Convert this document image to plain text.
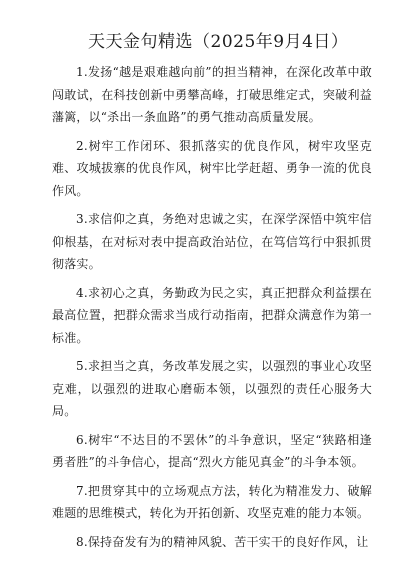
天天金句精选（2025年9月4日）

1.发扬“越是艰难越向前”的担当精神，在深化改革中敢闯敢试，在科技创新中勇攀高峰，打破思维定式，突破利益藩篱，以“杀出一条血路”的勇气推动高质量发展。

2.树牢工作闭环、狠抓落实的优良作风，树牢攻坚克难、攻城拔寨的优良作风，树牢比学赶超、勇争一流的优良作风。

3.求信仰之真，务绝对忠诚之实，在深学深悟中筑牢信仰根基，在对标对表中提高政治站位，在笃信笃行中狠抓贯彻落实。

4.求初心之真，务勤政为民之实，真正把群众利益摆在最高位置，把群众需求当成行动指南，把群众满意作为第一标准。

5.求担当之真，务改革发展之实，以强烈的事业心攻坚克难，以强烈的进取心磨砺本领，以强烈的责任心服务大局。

6.树牢“不达目的不罢休”的斗争意识，坚定“狭路相逢勇者胜”的斗争信心，提高“烈火方能见真金”的斗争本领。

7.把贯穿其中的立场观点方法，转化为精准发力、破解难题的思维模式，转化为开拓创新、攻坚克难的能力本领。

8.保持奋发有为的精神风貌、苦干实干的良好作风，让
